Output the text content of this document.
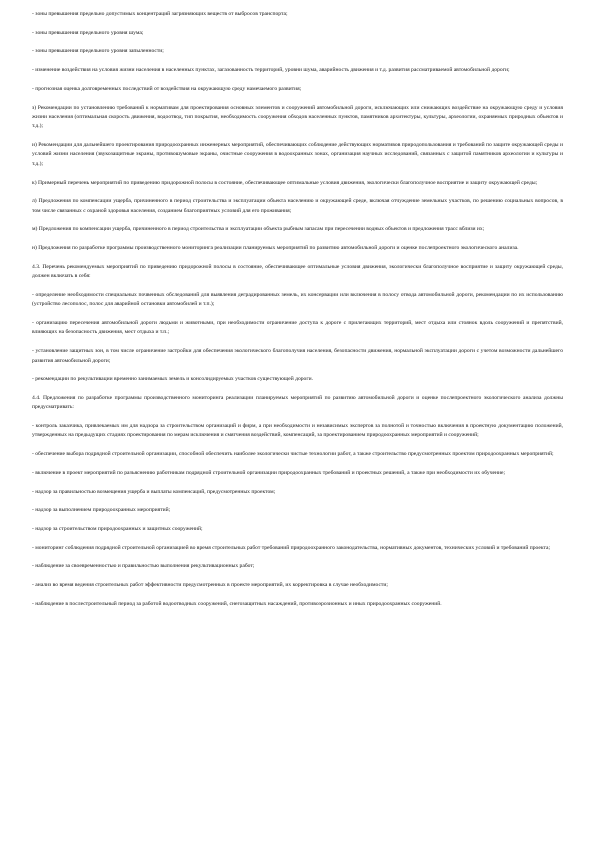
- зоны превышения предельно допустимых концентраций загрязняющих веществ от выбросов транспорта;

- зоны превышения предельного уровня шума;

- зоны превышения предельного уровня запыленности;

- изменение воздействия на условия жизни населения в населенных пунктах, загазованность территорий, уровни шума, аварийность движения и т.д. развития рассматриваемой автомобильной дороги;

- прогнозная оценка долговременных последствий от воздействия на окружающую среду намечаемого развития;

з) Рекомендации по установлению требований к нормативам для проектирования основных элементов и сооружений автомобильной дороги, исключающих или снижающих воздействие на окружающую среду и условия жизни населения (оптимальная скорость движения, водоотвод, тип покрытия, необходимость сооружения обходов населенных пунктов, памятников архитектуры, культуры, археологии, охраняемых природных объектов и т.д.);

и) Рекомендации для дальнейшего проектирования природоохранных инженерных мероприятий, обеспечивающих соблюдение действующих нормативов природопользования и требований по защите окружающей среды и условий жизни населения (звукозащитные экраны, противошумовые экраны, очистные сооружения в водоохранных зонах, организация научных исследований, связанных с защитой памятников археологии и культуры и т.д.);

к) Примерный перечень мероприятий по приведению придорожной полосы в состояние, обеспечивающее оптимальные условия движения, экологически благополучное восприятие и защиту окружающей среды;

л) Предложения по компенсации ущерба, причиненного в период строительства и эксплуатации объекта населению и окружающей среде, включая отчуждение земельных участков, по решению социальных вопросов, в том числе связанных с охраной здоровья населения, созданием благоприятных условий для его проживания;

м) Предложения по компенсации ущерба, причиненного в период строительства и эксплуатации объекта рыбным запасам при пересечении водных объектов и предложения трасс вблизи их;

н) Предложения по разработке программы производственного мониторинга реализации планируемых мероприятий по развитию автомобильной дороги и оценке послепроектного экологического анализа.

4.3. Перечень рекомендуемых мероприятий по приведению придорожной полосы в состояние, обеспечивающее оптимальные условия движения, экологически благополучное восприятие и защиту окружающей среды, должен включать в себя:

- определение необходимости специальных почвенных обследований для выявления деградированных земель, их консервации или включения в полосу отвода автомобильной дороги, рекомендации по их использованию (устройство лесополос, полос для аварийной остановки автомобилей и т.п.);

- организацию пересечения автомобильной дороги людьми и животными, при необходимости ограничение доступа к дороге с прилегающих территорий, мест отдыха или стоянок вдоль сооружений и препятствий, влияющих на безопасность движения, мест отдыха и т.п.;

- установление защитных зон, в том числе ограничение застройки для обеспечения экологического благополучия населения, безопасности движения, нормальной эксплуатации дороги с учетом возможности дальнейшего развития автомобильной дороги;

- рекомендации по рекультивации временно занимаемых земель и консолидируемых участков существующей дороги.

4.4. Предложения по разработке программы производственного мониторинга реализации планируемых мероприятий по развитию автомобильной дороги и оценке послепроектного экологического анализа должны предусматривать:

- контроль заказчика, привлекаемых им для надзора за строительством организаций и фирм, а при необходимости и независимых экспертов за полнотой и точностью включения в проектную документацию положений, утвержденных на предыдущих стадиях проектирования по мерам исключения и смягчения воздействий, компенсаций, за проектированием природоохранных мероприятий и сооружений;

- обеспечение выбора подрядной строительной организации, способной обеспечить наиболее экологически чистые технологии работ, а также строительство предусмотренных проектом природоохранных мероприятий;

- включение в проект мероприятий по разъяснению работникам подрядной строительной организации природоохранных требований и проектных решений, а также при необходимости их обучение;

- надзор за правильностью возмещения ущерба и выплаты компенсаций, предусмотренных проектом;

- надзор за выполнением природоохранных мероприятий;

- надзор за строительством природоохранных и защитных сооружений;

- мониторинг соблюдения подрядной строительной организацией во время строительных работ требований природоохранного законодательства, нормативных документов, технических условий и требований проекта;

- наблюдение за своевременностью и правильностью выполнения рекультивационных работ;

- анализ во время ведения строительных работ эффективности предусмотренных в проекте мероприятий, их корректировка в случае необходимости;

- наблюдение в послестроительный период за работой водоотводных сооружений, снегозащитных насаждений, противоэрозионных и иных природоохранных сооружений.
